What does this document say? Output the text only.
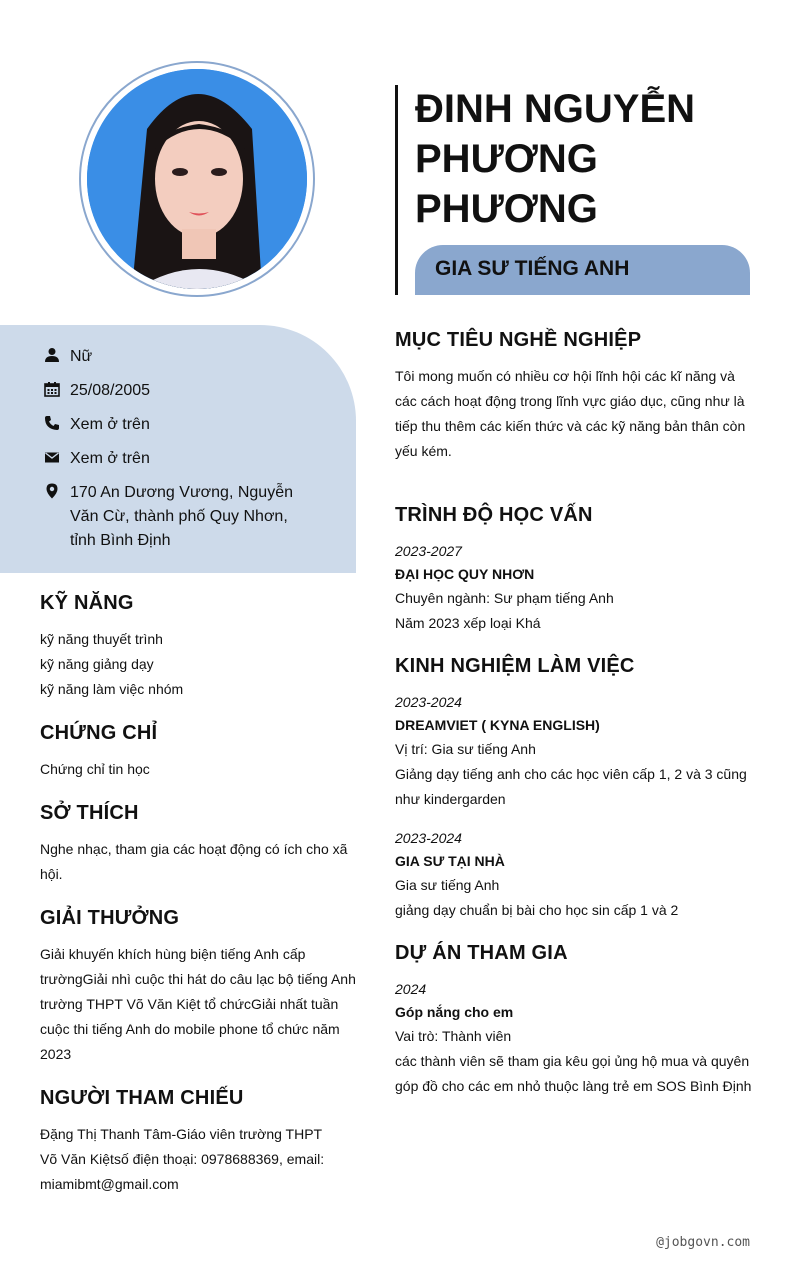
Nữ
25/08/2005
Xem ở trên
Xem ở trên
170 An Dương Vương, Nguyễn Văn Cừ, thành phố Quy Nhơn, tỉnh Bình Định
KỸ NĂNG
kỹ năng thuyết trình
kỹ năng giảng dạy
kỹ năng làm việc nhóm
CHỨNG CHỈ
Chứng chỉ tin học
SỞ THÍCH
Nghe nhạc, tham gia các hoạt động có ích cho xã hội.
GIẢI THƯỞNG
Giải khuyến khích hùng biện tiếng Anh cấp trườngGiải nhì cuộc thi hát do câu lạc bộ tiếng Anh trường THPT Võ Văn Kiệt tổ chứcGiải nhất tuần cuộc thi tiếng Anh do mobile phone tổ chức năm 2023
NGƯỜI THAM CHIẾU
Đặng Thị Thanh Tâm-Giáo viên trường THPT Võ Văn Kiệtsố điện thoại: 0978688369, email: miamibmt@gmail.com
ĐINH NGUYỄN PHƯƠNG PHƯƠNG
GIA SƯ TIẾNG ANH
MỤC TIÊU NGHỀ NGHIỆP
Tôi mong muốn có nhiều cơ hội lĩnh hội các kĩ năng và các cách hoạt động trong lĩnh vực giáo dục, cũng như là tiếp thu thêm các kiến thức và các kỹ năng bản thân còn yếu kém.
TRÌNH ĐỘ HỌC VẤN
2023-2027
ĐẠI HỌC QUY NHƠN
Chuyên ngành: Sư phạm tiếng Anh
Năm 2023 xếp loại Khá
KINH NGHIỆM LÀM VIỆC
2023-2024
DREAMVIET ( KYNA ENGLISH)
Vị trí: Gia sư tiếng Anh
Giảng dạy tiếng anh cho các học viên cấp 1, 2 và 3 cũng như kindergarden
2023-2024
GIA SƯ TẠI NHÀ
Gia sư tiếng Anh
giảng dạy chuẩn bị bài cho học sin cấp 1 và 2
DỰ ÁN THAM GIA
2024
Góp nắng cho em
Vai trò: Thành viên
các thành viên sẽ tham gia kêu gọi ủng hộ mua và quyên góp đồ cho các em nhỏ thuộc làng trẻ em SOS Bình Định
@jobgovn.com
